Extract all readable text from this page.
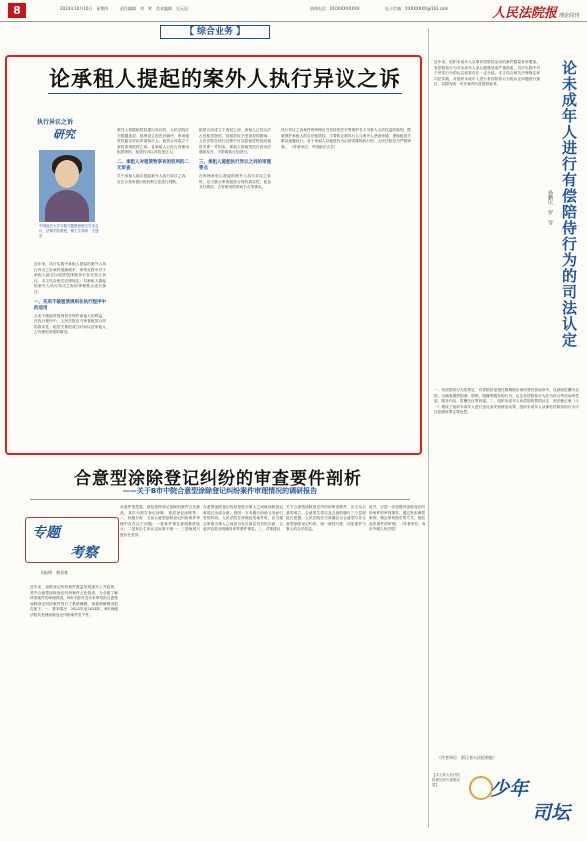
8	2024年10月10日　星期四	责任编辑　刘　笑　美术编辑　吴元昆	热线电话：010XXXXXXXX	电子信箱：XXXXXXXX@163.com	人民法院报 理论周刊
【 综合业务 】
论承租人提起的案外人执行异议之诉
执行异议之诉
研究
中国政法大学专题专题教授研究学术会议，法律学院教授，博士生导师　王建宏
近年来，执行实践中承租人提起的案外人执行异议之诉案件逐渐增多，审判实践中对于承租人能否以租赁权排除执行存在较大争议。本文结合相关法律规定，对承租人提起的案外人执行异议之诉的审理要点进行探讨。
一、买卖不破租赁规则在执行程序中的适用
买卖不破租赁规则旨在保护承租人的利益，在执行程序中，人民法院应当审查租赁合同的真实性、租赁关系的成立时间以及承租人占有使用房屋的情况。
案外人依据租赁权提出异议的，人民法院应当根据查封、抵押设立的先后顺序，审查租赁权能否对抗申请执行人。租赁合同成立于查封或者抵押之前，且承租人已经占有使用租赁物的，租赁权可以对抗受让人。
二、承租人对租赁物享有的权利的二元审查
关于承租人能否提起案外人执行异议之诉，应区分其所提出的权利主张进行判断。
租赁合同成立于查封之前、承租人已经合法占有租赁物的，其租赁权不受查封的影响；人民法院在执行过程中可以将租赁物连同租赁关系一并拍卖，承租人的租赁权在拍卖后继续存在，不影响执行的进行。
三、承租人提起执行异议之诉的审理要点
在审理承租人提起的案外人执行异议之诉时，应当重点审查租赁合同的真实性、租金支付情况、占有使用的时间节点等事实。
执行异议之诉案件的审理应当坚持依法平等保护各方当事人合法权益的原则，既要保护承租人的合法租赁权，又要防止被执行人与案外人恶意串通、虚构租赁关系以规避执行。对于承租人以租赁权为由请求排除执行的，人民法院应当严格审查。 （作者单位：中国政法大学）	论未成年人进行有偿陪侍行为的司法认定
孙鹏庆　罗　雪
近年来，组织未成年人从事有偿陪侍活动的案件数量有所增加。有偿陪侍行为对未成年人身心健康造成严重损害，司法实践中对于该类行为的认定标准存在一定分歧。本文结合相关法律规定和司法实践，对组织未成年人进行有偿陪侍行为的认定问题进行探讨，以期为统一司法裁判尺度提供参考。
一、有偿陪侍行为的界定　有偿陪侍是指在歌舞娱乐场所等经营场所中，以获取报酬为目的，为顾客提供陪酒、陪唱、陪舞等服务的行为。认定有偿陪侍行为应当综合考虑场所性质、服务内容、报酬支付等因素。二、组织未成年人有偿陪侍罪的认定　刑法修正案（十一）增设了组织未成年人进行违反治安管理活动罪，组织未成年人从事有偿陪侍的行为可以依照该罪定罪处罚。
（作者单位：浙江省人民检察院）
【本文系人民法院报理论研究课题成果】
合意型涂除登记纠纷的审查要件剖析
——关于B市中院合意型涂除登记纠纷案件审理情况的调研报告
专题
考察
马振明　黄君豪
近年来，涂除登记纠纷案件数量呈现逐年上升趋势，其中合意型涂除登记纠纷案件占比较高。为全面了解该类案件的审理情况，B市中院对近年来审结的合意型涂除登记纠纷案件进行了系统梳理，现将调研情况报告如下。一、基本情况　2022年至2024年，B市两级法院共受理涂除登记纠纷案件若干件。
从案件类型看，涉及抵押登记涂除的案件占比最高，其次为预告登记涂除、查封登记涂除等。二、问题分析　当前合意型涂除登记纠纷案件审理中存在以下问题：一是案件事实查明难度较大；二是诉讼主体认定标准不统一；三是裁判尺度存在差异。
合意型涂除登记纠纷是指当事人之间就涂除登记事项已达成合意，但因一方未履行协助义务而引发的纠纷。人民法院在审理此类案件时，应当重点审查当事人之间是否存在真实有效的合意、合意内容是否明确具体等要件事实。三、对策建议
关于合意型涂除登记纠纷的审查要件，应当从合意的成立、合意的生效以及合意的履行三个层面进行把握。人民法院应当准确区分合意型与非合意型涂除登记纠纷，统一裁判尺度，切实保护当事人的合法权益。
此外，应进一步加强对涂除登记纠纷案件的审判指导，通过发布典型案例、制定审判指引等方式，规范此类案件的审理。（作者单位：B市中级人民法院）
少年
司坛
